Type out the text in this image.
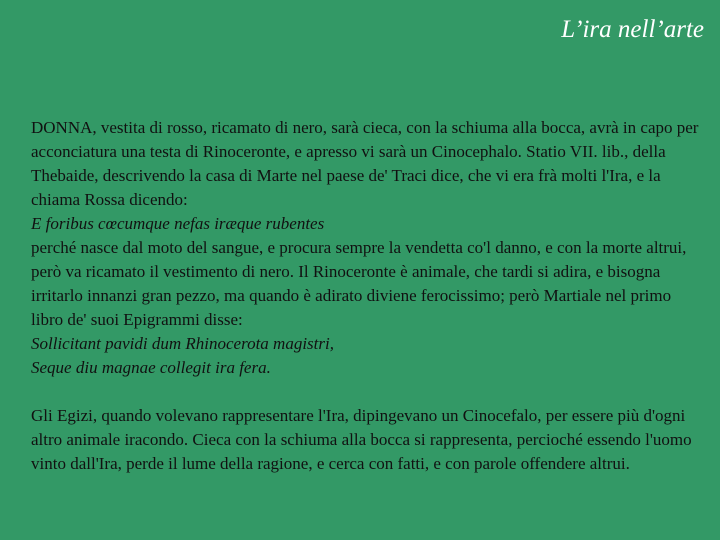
L’ira nell’arte

DONNA, vestita di rosso, ricamato di nero, sarà cieca, con la schiuma alla bocca, avrà in capo per acconciatura una testa di Rinoceronte, e apresso vi sarà un Cinocephalo. Statio VII. lib., della Thebaide, descrivendo la casa di Marte nel paese de' Traci dice, che vi era frà molti l'Ira, e la chiama Rossa dicendo:

E foribus cœcumque nefas iræque rubentes

perché nasce dal moto del sangue, e procura sempre la vendetta co'l danno, e con la morte altrui, però va ricamato il vestimento di nero. Il Rinoceronte è animale, che tardi si adira, e bisogna irritarlo innanzi gran pezzo, ma quando è adirato diviene ferocissimo; però Martiale nel primo libro de' suoi Epigrammi disse:

Sollicitant pavidi dum Rhinocerota magistri,

Seque diu magnae collegit ira fera.

Gli Egizi, quando volevano rappresentare l'Ira, dipingevano un Cinocefalo, per essere più d'ogni altro animale iracondo. Cieca con la schiuma alla bocca si rappresenta, percioché essendo l'uomo vinto dall'Ira, perde il lume della ragione, e cerca con fatti, e con parole offendere altrui.
